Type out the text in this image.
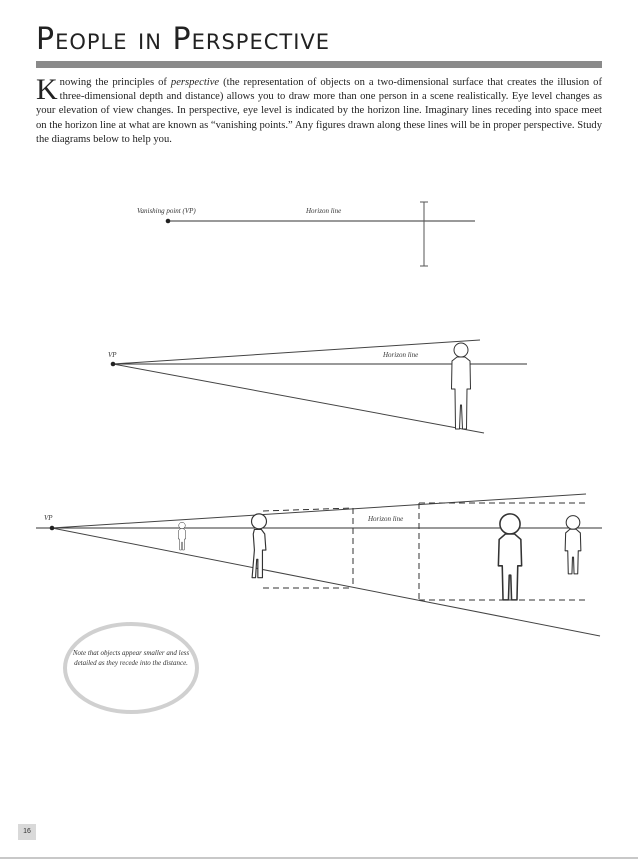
People in Perspective

Knowing the principles of perspective (the representation of objects on a two-dimensional surface that creates the illusion of three-dimensional depth and distance) allows you to draw more than one person in a scene realistically. Eye level changes as your elevation of view changes. In perspective, eye level is indicated by the horizon line. Imaginary lines receding into space meet on the horizon line at what are known as “vanishing points.” Any figures drawn along these lines will be in proper perspective. Study the diagrams below to help you.

Vanishing point (VP)	Horizon line
VP	Horizon line
VP	Horizon line
Note that objects appear smaller and less detailed as they recede into the distance.
16
